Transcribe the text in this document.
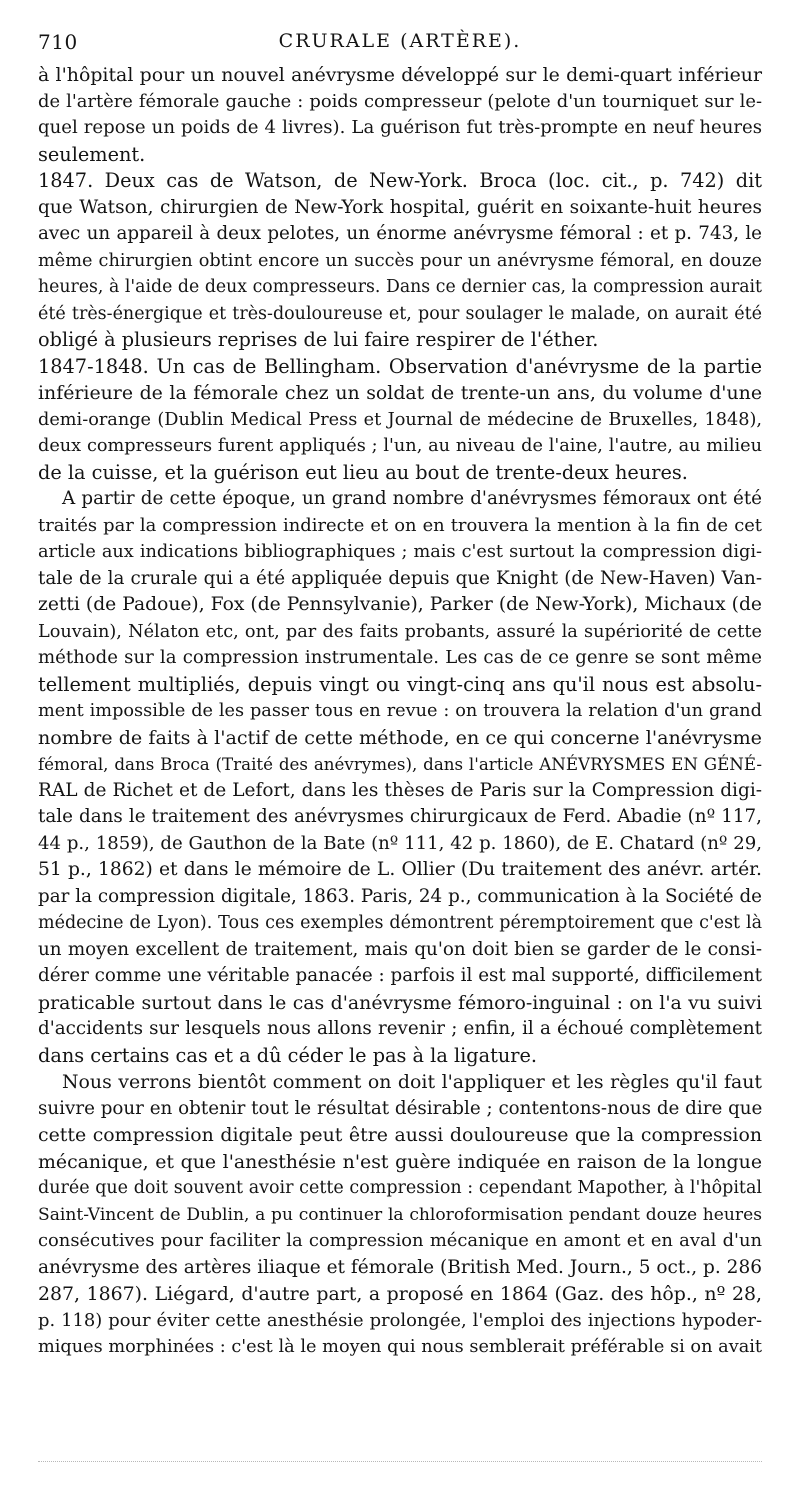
710	CRURALE (ARTÈRE).
à l'hôpital pour un nouvel anévrysme développé sur le demi-quart inférieur
de l'artère fémorale gauche : poids compresseur (pelote d'un tourniquet sur le-
quel repose un poids de 4 livres). La guérison fut très-prompte en neuf heures
seulement.
1847. Deux cas de Watson, de New-York. Broca (loc. cit., p. 742) dit
que Watson, chirurgien de New-York hospital, guérit en soixante-huit heures
avec un appareil à deux pelotes, un énorme anévrysme fémoral : et p. 743, le
même chirurgien obtint encore un succès pour un anévrysme fémoral, en douze
heures, à l'aide de deux compresseurs. Dans ce dernier cas, la compression aurait
été très-énergique et très-douloureuse et, pour soulager le malade, on aurait été
obligé à plusieurs reprises de lui faire respirer de l'éther.
1847-1848. Un cas de Bellingham. Observation d'anévrysme de la partie
inférieure de la fémorale chez un soldat de trente-un ans, du volume d'une
demi-orange (Dublin Medical Press et Journal de médecine de Bruxelles, 1848),
deux compresseurs furent appliqués ; l'un, au niveau de l'aine, l'autre, au milieu
de la cuisse, et la guérison eut lieu au bout de trente-deux heures.
A partir de cette époque, un grand nombre d'anévrysmes fémoraux ont été
traités par la compression indirecte et on en trouvera la mention à la fin de cet
article aux indications bibliographiques ; mais c'est surtout la compression digi-
tale de la crurale qui a été appliquée depuis que Knight (de New-Haven) Van-
zetti (de Padoue), Fox (de Pennsylvanie), Parker (de New-York), Michaux (de
Louvain), Nélaton etc, ont, par des faits probants, assuré la supériorité de cette
méthode sur la compression instrumentale. Les cas de ce genre se sont même
tellement multipliés, depuis vingt ou vingt-cinq ans qu'il nous est absolu-
ment impossible de les passer tous en revue : on trouvera la relation d'un grand
nombre de faits à l'actif de cette méthode, en ce qui concerne l'anévrysme
fémoral, dans Broca (Traité des anévrymes), dans l'article ANÉVRYSMES EN GÉNÉ-
RAL de Richet et de Lefort, dans les thèses de Paris sur la Compression digi-
tale dans le traitement des anévrysmes chirurgicaux de Ferd. Abadie (nº 117,
44 p., 1859), de Gauthon de la Bate (nº 111, 42 p. 1860), de E. Chatard (nº 29,
51 p., 1862) et dans le mémoire de L. Ollier (Du traitement des anévr. artér.
par la compression digitale, 1863. Paris, 24 p., communication à la Société de
médecine de Lyon). Tous ces exemples démontrent péremptoirement que c'est là
un moyen excellent de traitement, mais qu'on doit bien se garder de le consi-
dérer comme une véritable panacée : parfois il est mal supporté, difficilement
praticable surtout dans le cas d'anévrysme fémoro-inguinal : on l'a vu suivi
d'accidents sur lesquels nous allons revenir ; enfin, il a échoué complètement
dans certains cas et a dû céder le pas à la ligature.
Nous verrons bientôt comment on doit l'appliquer et les règles qu'il faut
suivre pour en obtenir tout le résultat désirable ; contentons-nous de dire que
cette compression digitale peut être aussi douloureuse que la compression
mécanique, et que l'anesthésie n'est guère indiquée en raison de la longue
durée que doit souvent avoir cette compression : cependant Mapother, à l'hôpital
Saint-Vincent de Dublin, a pu continuer la chloroformisation pendant douze heures
consécutives pour faciliter la compression mécanique en amont et en aval d'un
anévrysme des artères iliaque et fémorale (British Med. Journ., 5 oct., p. 286
287, 1867). Liégard, d'autre part, a proposé en 1864 (Gaz. des hôp., nº 28,
p. 118) pour éviter cette anesthésie prolongée, l'emploi des injections hypoder-
miques morphinées : c'est là le moyen qui nous semblerait préférable si on avait
